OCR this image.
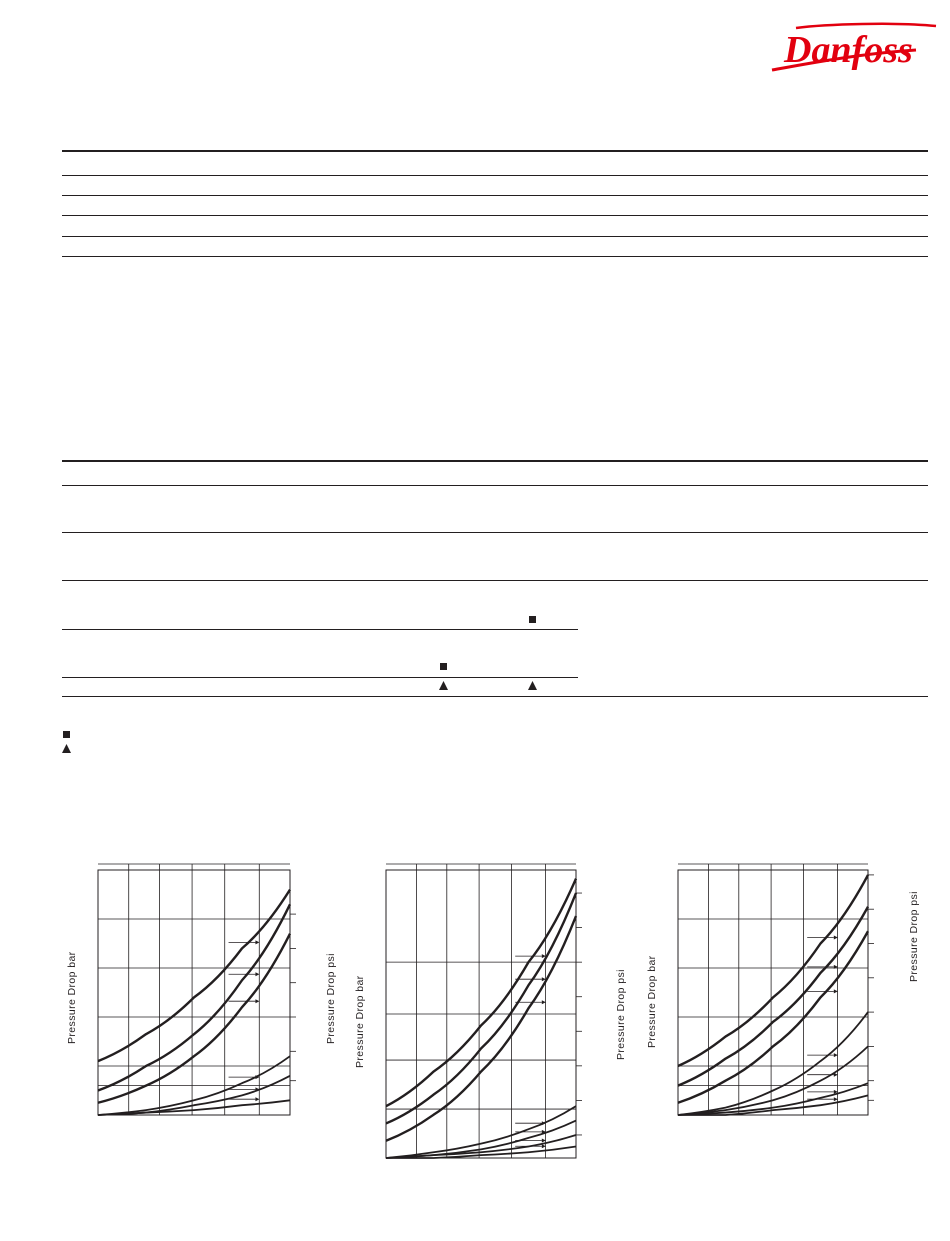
Danfoss
Pressure Drop bar	Pressure Drop psi Pressure Drop bar	Pressure Drop psi Pressure Drop bar
Pressure Drop psi
